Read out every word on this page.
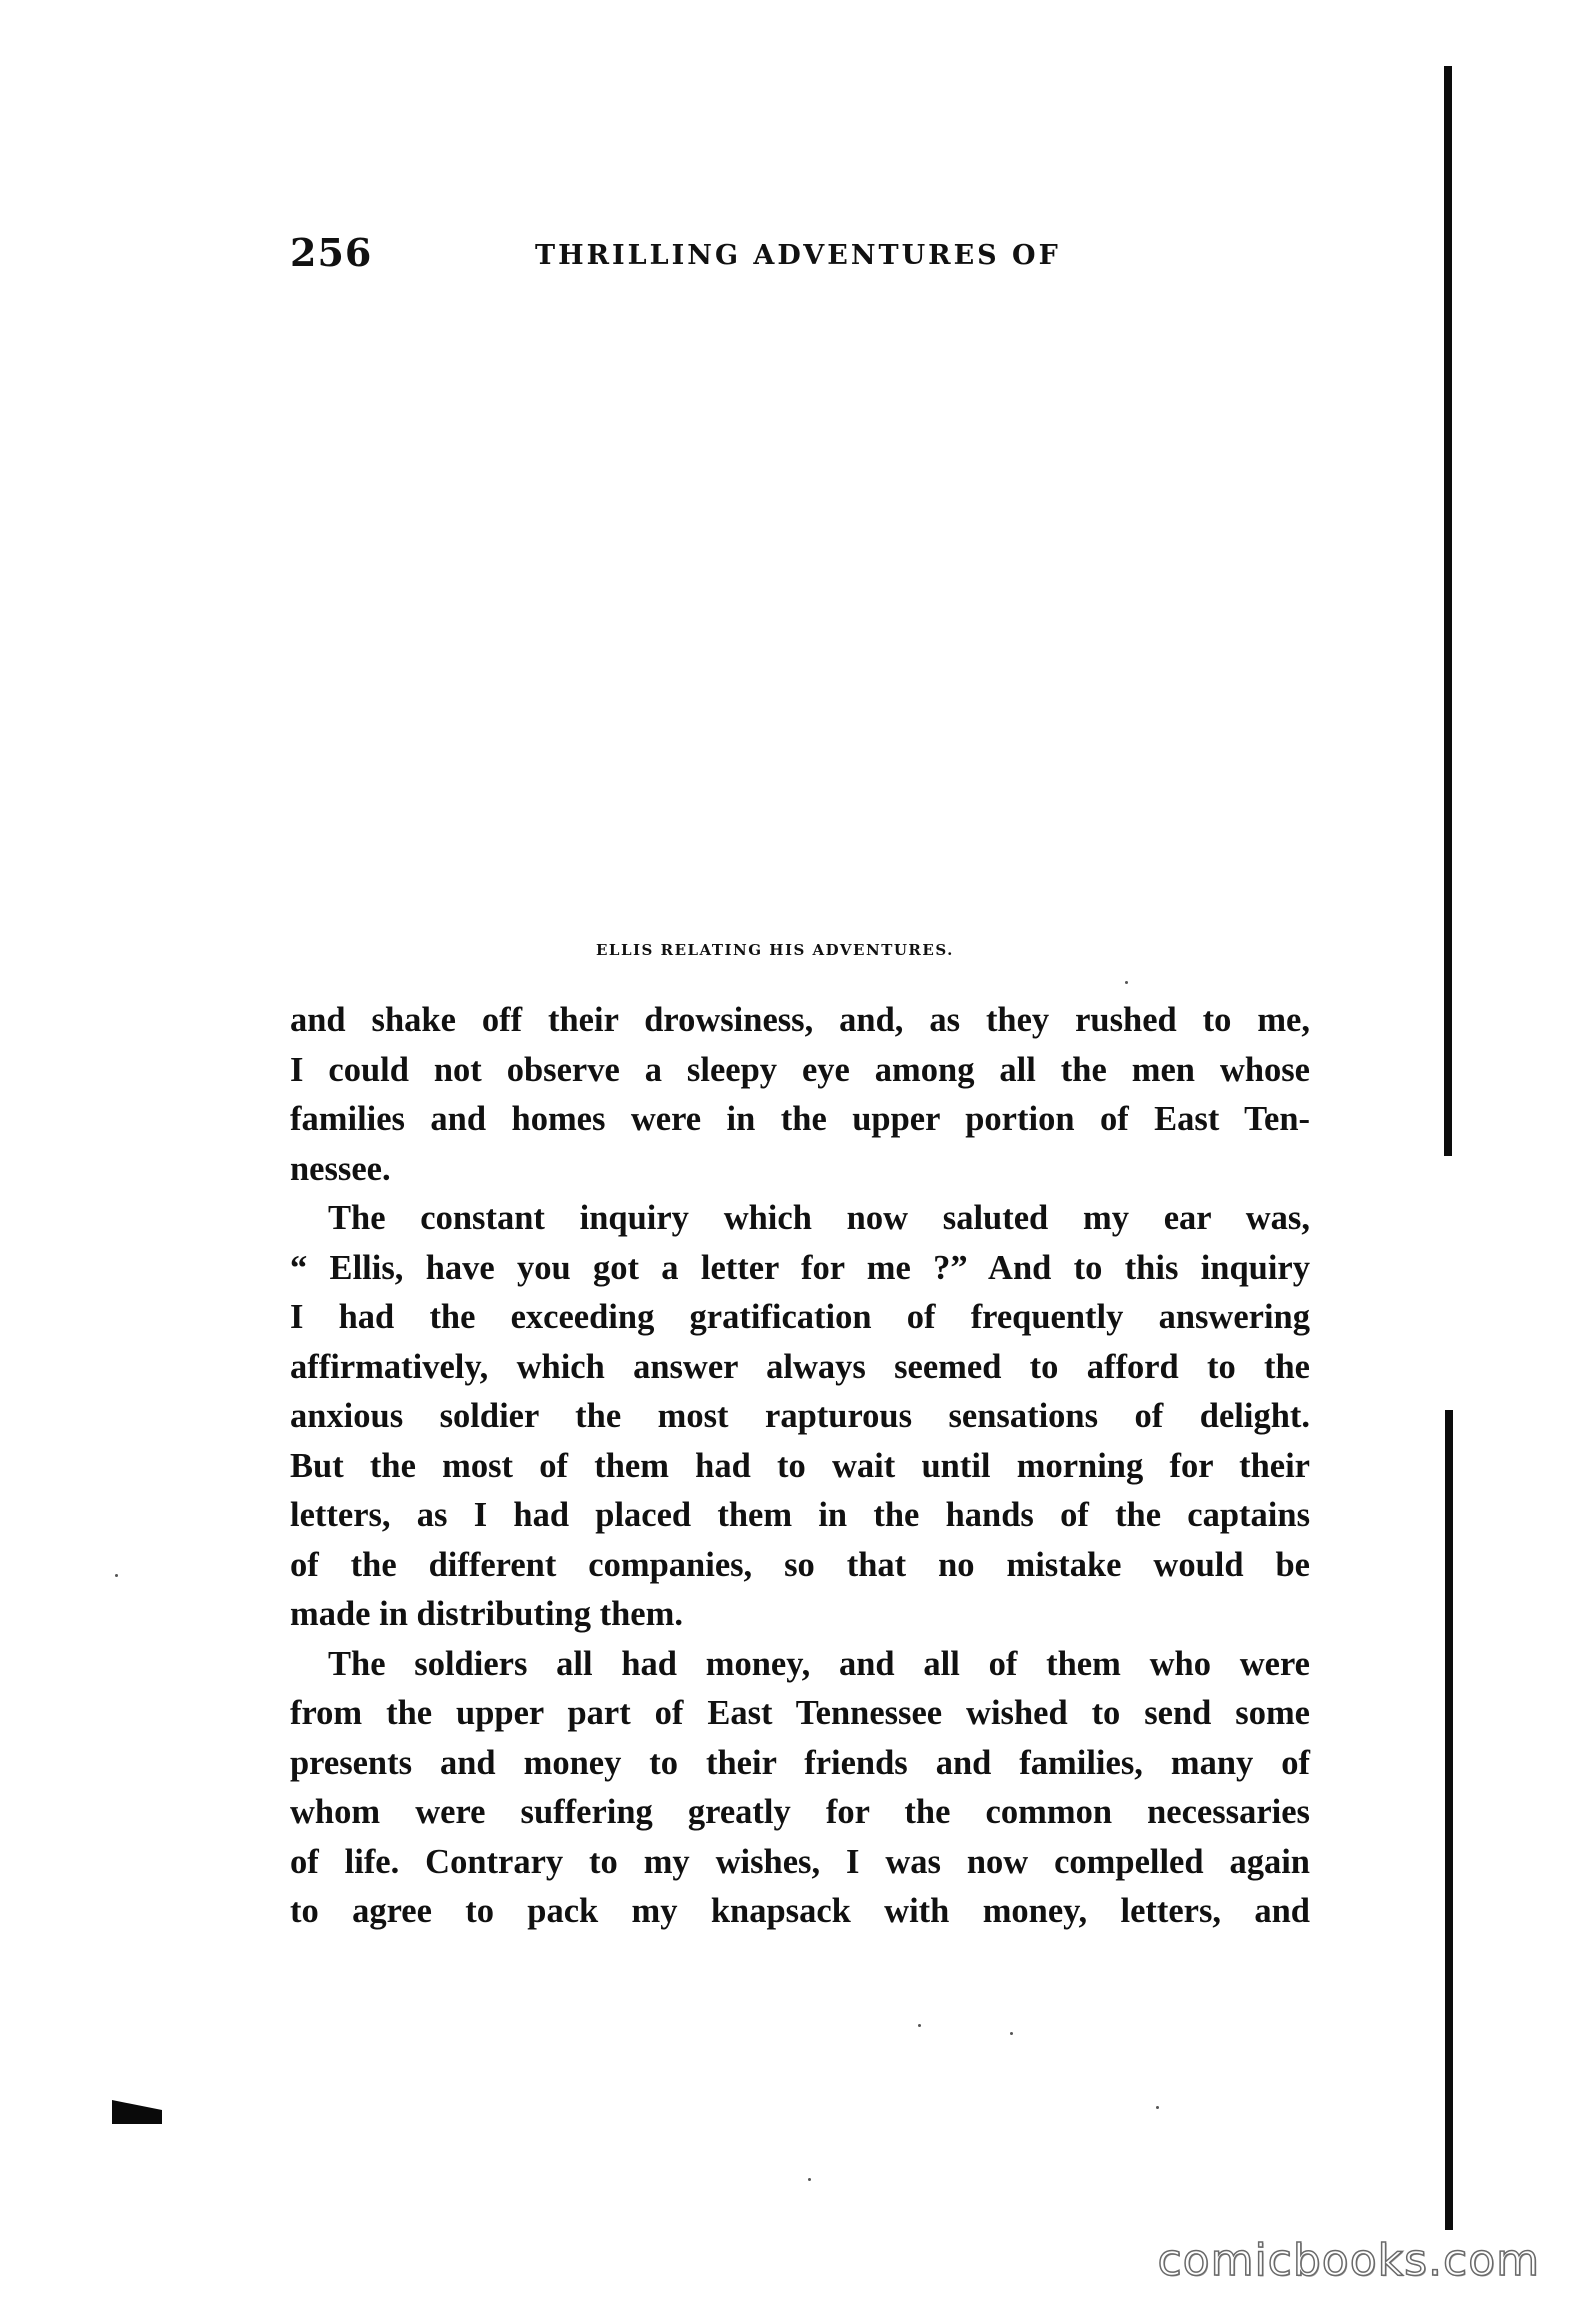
256	THRILLING ADVENTURES OF
ELLIS RELATING HIS ADVENTURES.
and shake off their drowsiness, and, as they rushed to me,
I could not observe a sleepy eye among all the men whose
families and homes were in the upper portion of East Ten-
nessee.
The constant inquiry which now saluted my ear was,
“ Ellis, have you got a letter for me ?” And to this inquiry
I had the exceeding gratification of frequently answering
affirmatively, which answer always seemed to afford to the
anxious soldier the most rapturous sensations of delight.
But the most of them had to wait until morning for their
letters, as I had placed them in the hands of the captains
of the different companies, so that no mistake would be
made in distributing them.
The soldiers all had money, and all of them who were
from the upper part of East Tennessee wished to send some
presents and money to their friends and families, many of
whom were suffering greatly for the common necessaries
of life. Contrary to my wishes, I was now compelled again
to agree to pack my knapsack with money, letters, and
comicbooks.com
